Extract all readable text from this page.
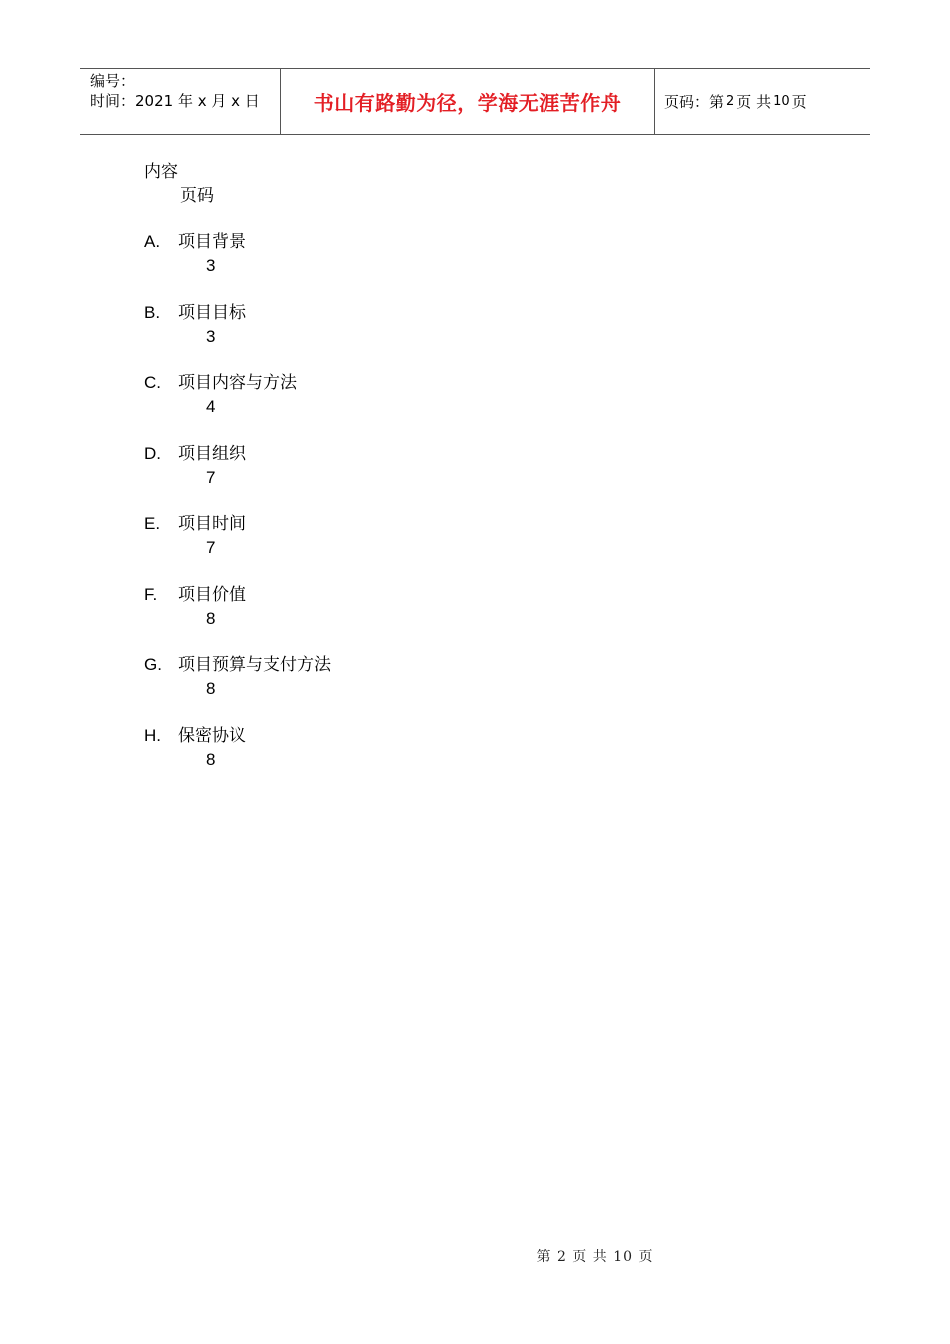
编号：
时间：2021 年 x 月 x 日	书山有路勤为径，学海无涯苦作舟	页码：第 2 页 共 10 页
内容
页码
A. 项目背景
3
B. 项目目标
3
C. 项目内容与方法
4
D. 项目组织
7
E. 项目时间
7
F. 项目价值
8
G. 项目预算与支付方法
8
H. 保密协议
8
第 2 页 共 10 页
